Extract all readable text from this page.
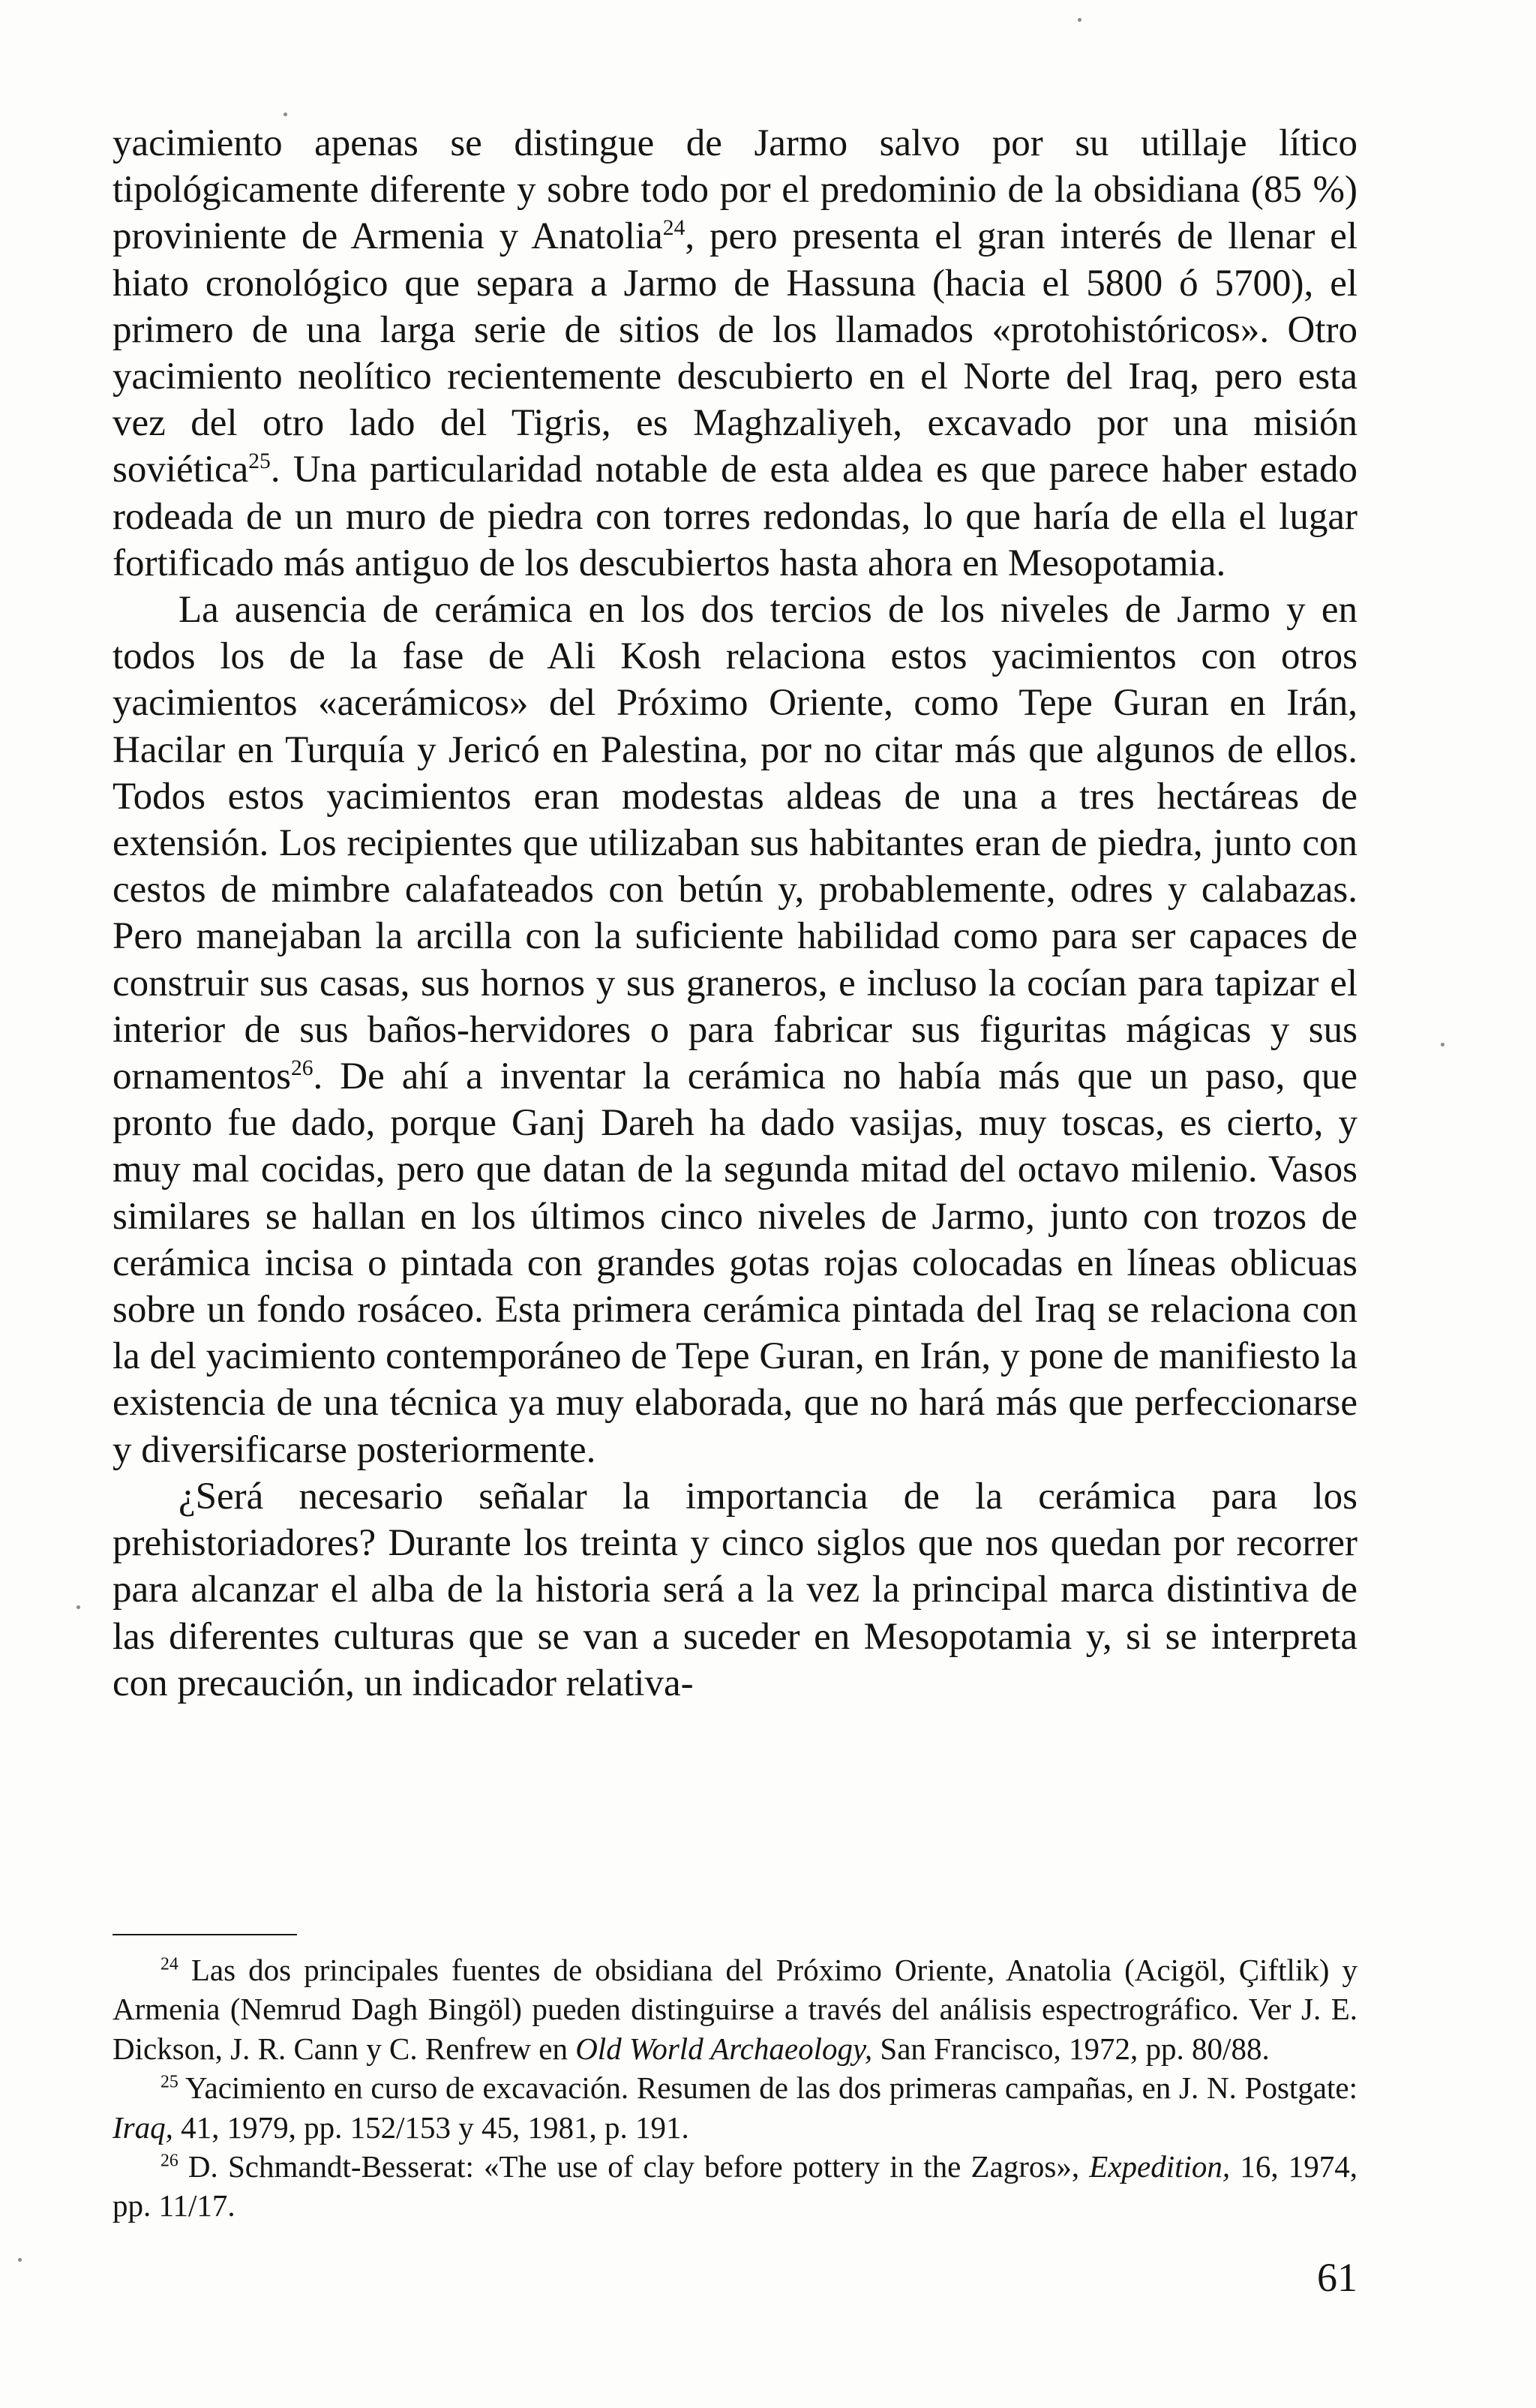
yacimiento apenas se distingue de Jarmo salvo por su utillaje lítico tipológicamente diferente y sobre todo por el predominio de la obsidiana (85 %) proviniente de Armenia y Anatolia$^{24}$, pero presenta el gran interés de llenar el hiato cronológico que separa a Jarmo de Hassuna (hacia el 5800 ó 5700), el primero de una larga serie de sitios de los llamados «protohistóricos». Otro yacimiento neolítico recientemente descubierto en el Norte del Iraq, pero esta vez del otro lado del Tigris, es Maghzaliyeh, excavado por una misión soviética$^{25}$. Una particularidad notable de esta aldea es que parece haber estado rodeada de un muro de piedra con torres redondas, lo que haría de ella el lugar fortificado más antiguo de los descubiertos hasta ahora en Mesopotamia.

La ausencia de cerámica en los dos tercios de los niveles de Jarmo y en todos los de la fase de Ali Kosh relaciona estos yacimientos con otros yacimientos «acerámicos» del Próximo Oriente, como Tepe Guran en Irán, Hacilar en Turquía y Jericó en Palestina, por no citar más que algunos de ellos. Todos estos yacimientos eran modestas aldeas de una a tres hectáreas de extensión. Los recipientes que utilizaban sus habitantes eran de piedra, junto con cestos de mimbre calafateados con betún y, probablemente, odres y calabazas. Pero manejaban la arcilla con la suficiente habilidad como para ser capaces de construir sus casas, sus hornos y sus graneros, e incluso la cocían para tapizar el interior de sus baños-hervidores o para fabricar sus figuritas mágicas y sus ornamentos$^{26}$. De ahí a inventar la cerámica no había más que un paso, que pronto fue dado, porque Ganj Dareh ha dado vasijas, muy toscas, es cierto, y muy mal cocidas, pero que datan de la segunda mitad del octavo milenio. Vasos similares se hallan en los últimos cinco niveles de Jarmo, junto con trozos de cerámica incisa o pintada con grandes gotas rojas colocadas en líneas oblicuas sobre un fondo rosáceo. Esta primera cerámica pintada del Iraq se relaciona con la del yacimiento contemporáneo de Tepe Guran, en Irán, y pone de manifiesto la existencia de una técnica ya muy elaborada, que no hará más que perfeccionarse y diversificarse posteriormente.

¿Será necesario señalar la importancia de la cerámica para los prehistoriadores? Durante los treinta y cinco siglos que nos quedan por recorrer para alcanzar el alba de la historia será a la vez la principal marca distintiva de las diferentes culturas que se van a suceder en Mesopotamia y, si se interpreta con precaución, un indicador relativa-

$^{24}$ Las dos principales fuentes de obsidiana del Próximo Oriente, Anatolia (Acigöl, Çiftlik) y Armenia (Nemrud Dagh Bingöl) pueden distinguirse a través del análisis espectrográfico. Ver J. E. Dickson, J. R. Cann y C. Renfrew en Old World Archaeology, San Francisco, 1972, pp. 80/88.

$^{25}$ Yacimiento en curso de excavación. Resumen de las dos primeras campañas, en J. N. Postgate: Iraq, 41, 1979, pp. 152/153 y 45, 1981, p. 191.

$^{26}$ D. Schmandt-Besserat: «The use of clay before pottery in the Zagros», Expedition, 16, 1974, pp. 11/17.

61
